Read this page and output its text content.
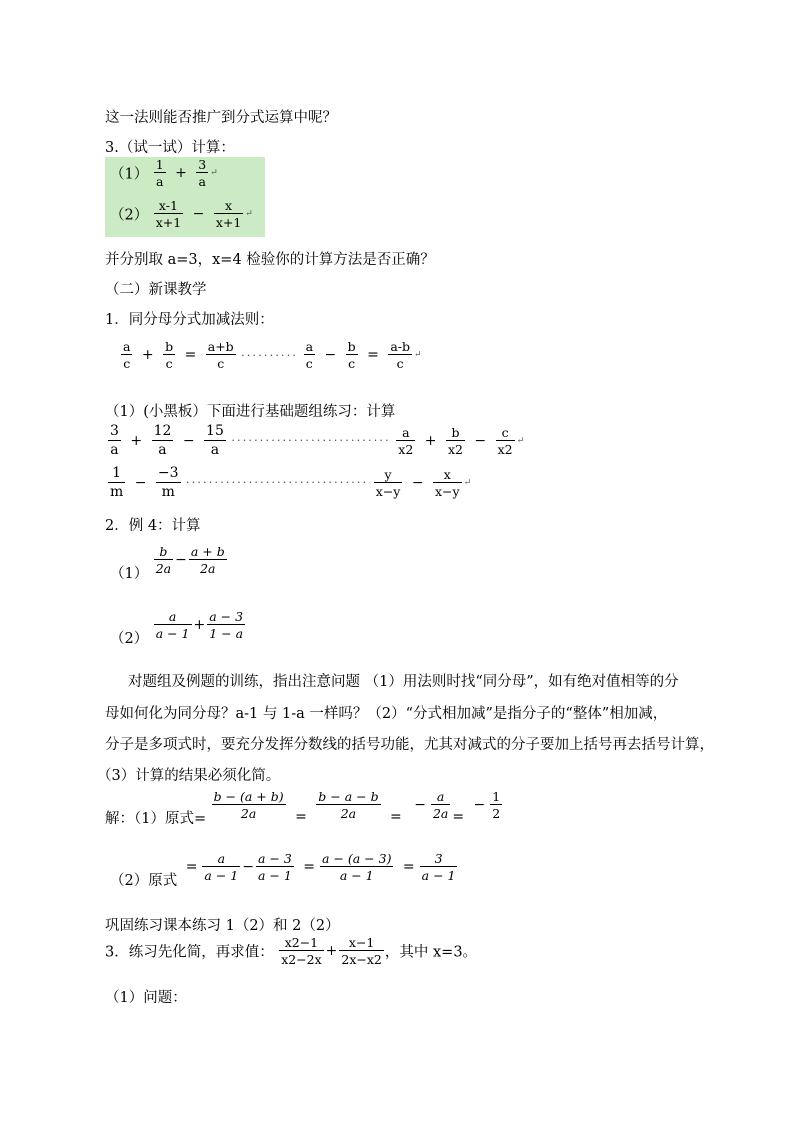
这一法则能否推广到分式运算中呢？
3.（试一试）计算：
$(1) \frac{1}{a} + \frac{3}{a}$ ↵
$(2) \frac{x-1}{x+1} - \frac{x}{x+1}$ ↵
并分别取 a=3，x=4 检验你的计算方法是否正确？
（二）新课教学
1．同分母分式加减法则：
$\frac{a}{c} + \frac{b}{c} = \frac{a+b}{c}$ ·········· $\frac{a}{c} - \frac{b}{c} = \frac{a-b}{c}$ ↵
（1）(小黑板）下面进行基础题组练习：计算
$\frac{3}{a} + \frac{12}{a} - \frac{15}{a}$ ···························· $\frac{a}{x2} + \frac{b}{x2} - \frac{c}{x2}$ ↵
$\frac{1}{m} - \frac{-3}{m}$ ································ $\frac{y}{x-y} - \frac{x}{x-y}$ ↵
2．例 4：计算
$(1) \frac{b}{2a} - \frac{a + b}{2a}$
$(2) \frac{a}{a - 1} + \frac{a - 3}{1 - a}$
对题组及例题的训练，指出注意问题 （1）用法则时找“同分母”，如有绝对值相等的分
母如何化为同分母？a-1 与 1-a 一样吗？（2）“分式相加减”是指分子的“整体”相加减，
分子是多项式时，要充分发挥分数线的括号功能，尤其对减式的分子要加上括号再去括号计算，
（3）计算的结果必须化简。
解：（1）原式= $\frac{b - (a + b)}{2a} = \frac{b - a - b}{2a}$ = − $\frac{a}{2a}$ = − $\frac{1}{2}$
（2）原式 = $\frac{a}{a - 1} - \frac{a - 3}{a - 1} = \frac{a - (a - 3)}{a - 1} = \frac{3}{a - 1}$
巩固练习课本练习 1（2）和 2（2）
3．练习先化简，再求值： $\frac{x2-1}{x2-2x} + \frac{x-1}{2x-x2}$ ，其中 x=3。
（1）问题：
